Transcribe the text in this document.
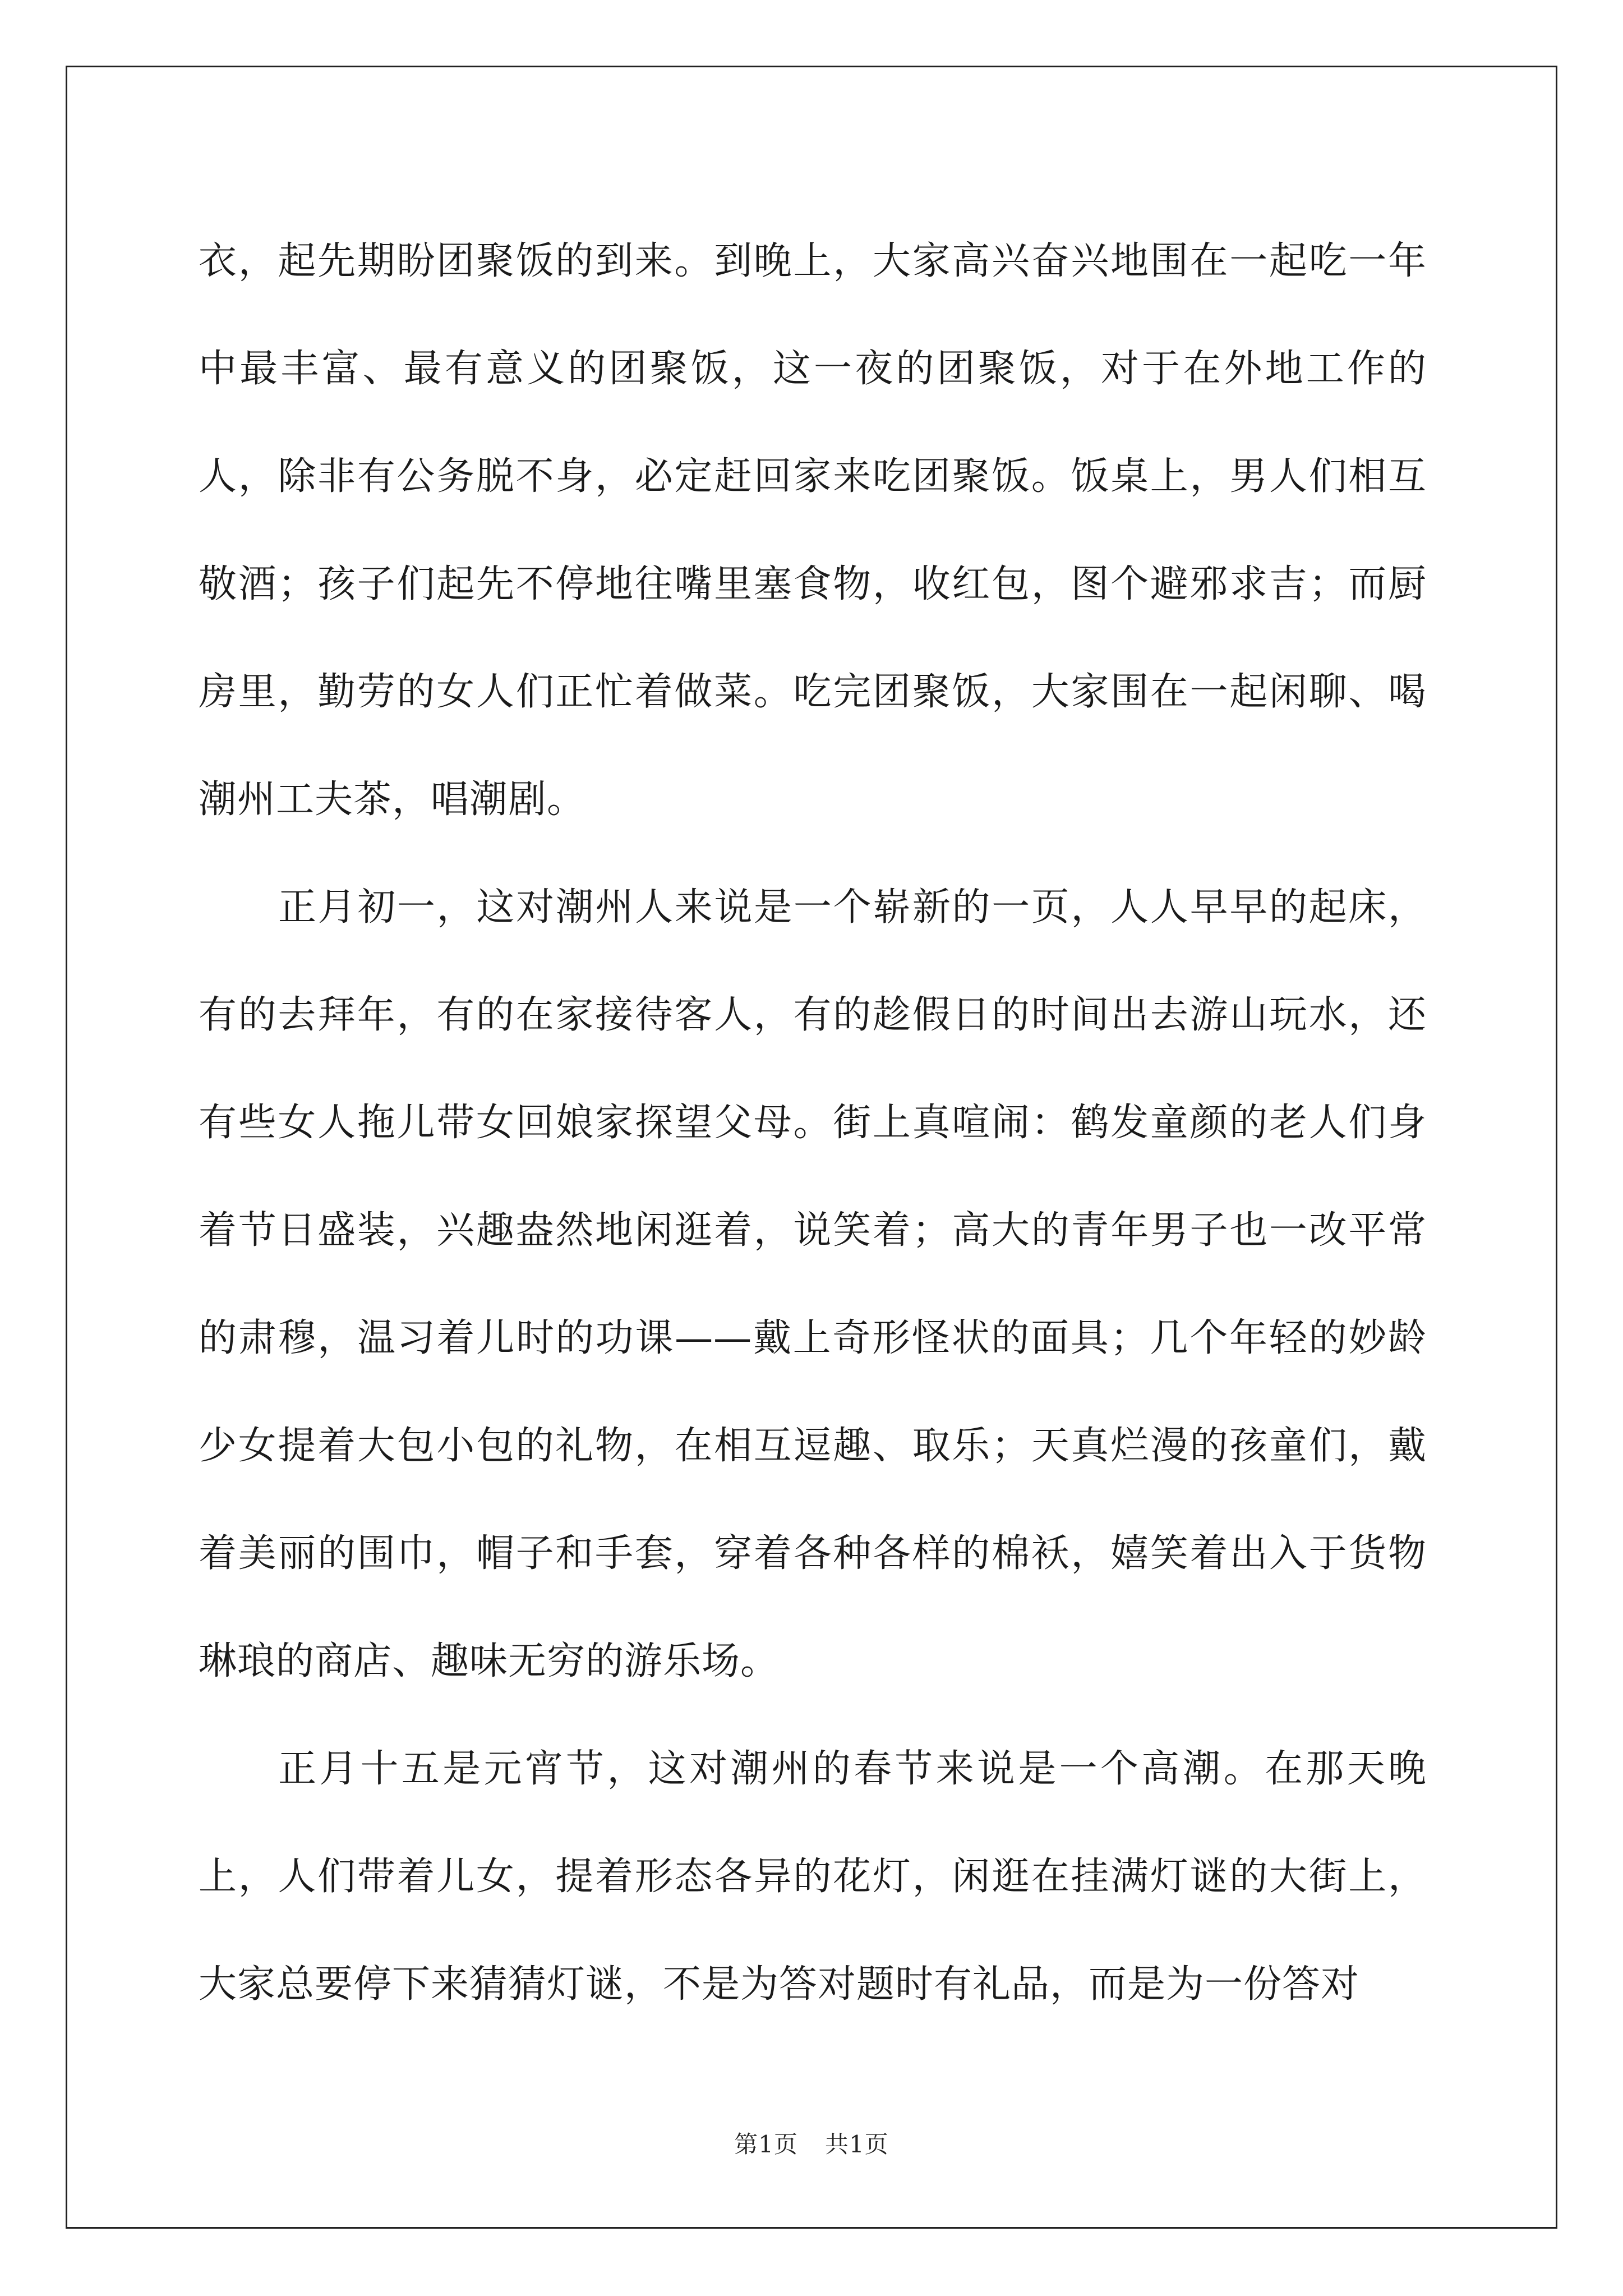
衣，起先期盼团聚饭的到来。到晚上，大家高兴奋兴地围在一起吃一年中最丰富、最有意义的团聚饭，这一夜的团聚饭，对于在外地工作的人，除非有公务脱不身，必定赶回家来吃团聚饭。饭桌上，男人们相互敬酒；孩子们起先不停地往嘴里塞食物，收红包，图个避邪求吉；而厨房里，勤劳的女人们正忙着做菜。吃完团聚饭，大家围在一起闲聊、喝潮州工夫茶，唱潮剧。

正月初一，这对潮州人来说是一个崭新的一页，人人早早的起床，有的去拜年，有的在家接待客人，有的趁假日的时间出去游山玩水，还有些女人拖儿带女回娘家探望父母。街上真喧闹：鹤发童颜的老人们身着节日盛装，兴趣盎然地闲逛着，说笑着；高大的青年男子也一改平常的肃穆，温习着儿时的功课——戴上奇形怪状的面具；几个年轻的妙龄少女提着大包小包的礼物，在相互逗趣、取乐；天真烂漫的孩童们，戴着美丽的围巾，帽子和手套，穿着各种各样的棉袄，嬉笑着出入于货物琳琅的商店、趣味无穷的游乐场。

正月十五是元宵节，这对潮州的春节来说是一个高潮。在那天晚上，人们带着儿女，提着形态各异的花灯，闲逛在挂满灯谜的大街上，大家总要停下来猜猜灯谜，不是为答对题时有礼品，而是为一份答对

第1页 共1页
